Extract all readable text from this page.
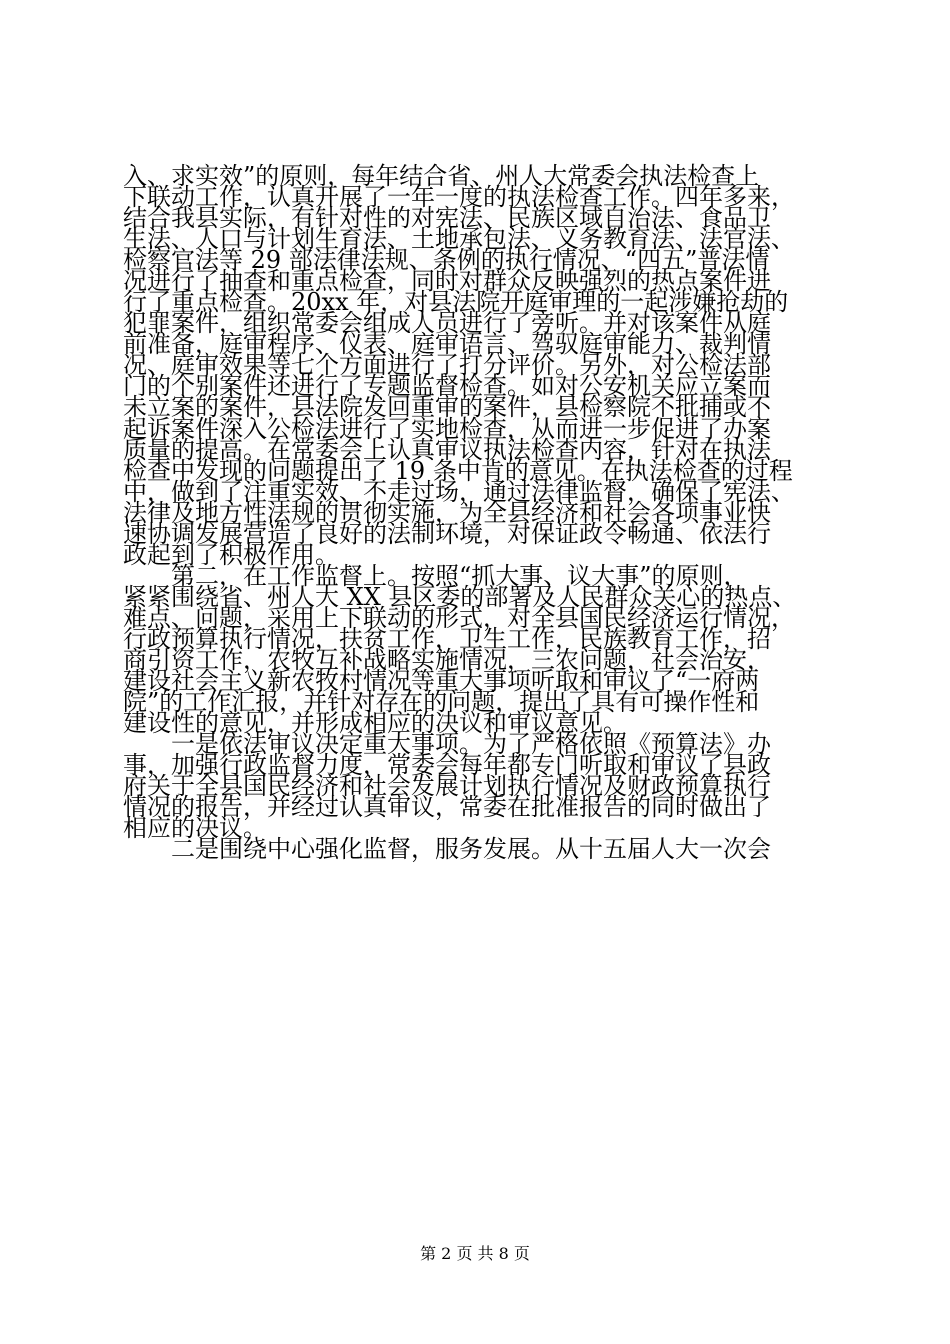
入、求实效”的原则，每年结合省、州人大常委会执法检查上
下联动工作，认真开展了一年一度的执法检查工作。四年多来，
结合我县实际，有针对性的对宪法、民族区域自治法、食品卫
生法、人口与计划生育法、土地承包法、义务教育法、法官法、
检察官法等 29 部法律法规、条例的执行情况、“四五”普法情
况进行了抽查和重点检查，同时对群众反映强烈的热点案件进
行了重点检查。20xx 年，对县法院开庭审理的一起涉嫌抢劫的
犯罪案件，组织常委会组成人员进行了旁听。并对该案件从庭
前准备，庭审程序、仪表、庭审语言、驾驭庭审能力、裁判情
况、庭审效果等七个方面进行了打分评价。另外，对公检法部
门的个别案件还进行了专题监督检查。如对公安机关应立案而
未立案的案件，县法院发回重审的案件，县检察院不批捕或不
起诉案件深入公检法进行了实地检查，从而进一步促进了办案
质量的提高。在常委会上认真审议执法检查内容，针对在执法
检查中发现的问题提出了 19 条中肯的意见。在执法检查的过程
中，做到了注重实效、不走过场，通过法律监督，确保了宪法、
法律及地方性法规的贯彻实施，为全县经济和社会各项事业快
速协调发展营造了良好的法制环境，对保证政令畅通、依法行
政起到了积极作用。
　　第二，在工作监督上。按照“抓大事、议大事”的原则，
紧紧围绕省、州人大 XX 县区委的部署及人民群众关心的热点、
难点、问题，采用上下联动的形式，对全县国民经济运行情况，
行政预算执行情况，扶贫工作，卫生工作，民族教育工作，招
商引资工作，农牧互补战略实施情况，三农问题，社会治安，
建设社会主义新农牧村情况等重大事项听取和审议了“一府两
院”的工作汇报，并针对存在的问题，提出了具有可操作性和
建设性的意见，并形成相应的决议和审议意见。
　　一是依法审议决定重大事项。为了严格依照《预算法》办
事，加强行政监督力度，常委会每年都专门听取和审议了县政
府关于全县国民经济和社会发展计划执行情况及财政预算执行
情况的报告，并经过认真审议，常委在批准报告的同时做出了
相应的决议。
　　二是围绕中心强化监督，服务发展。从十五届人大一次会
第 2 页 共 8 页
